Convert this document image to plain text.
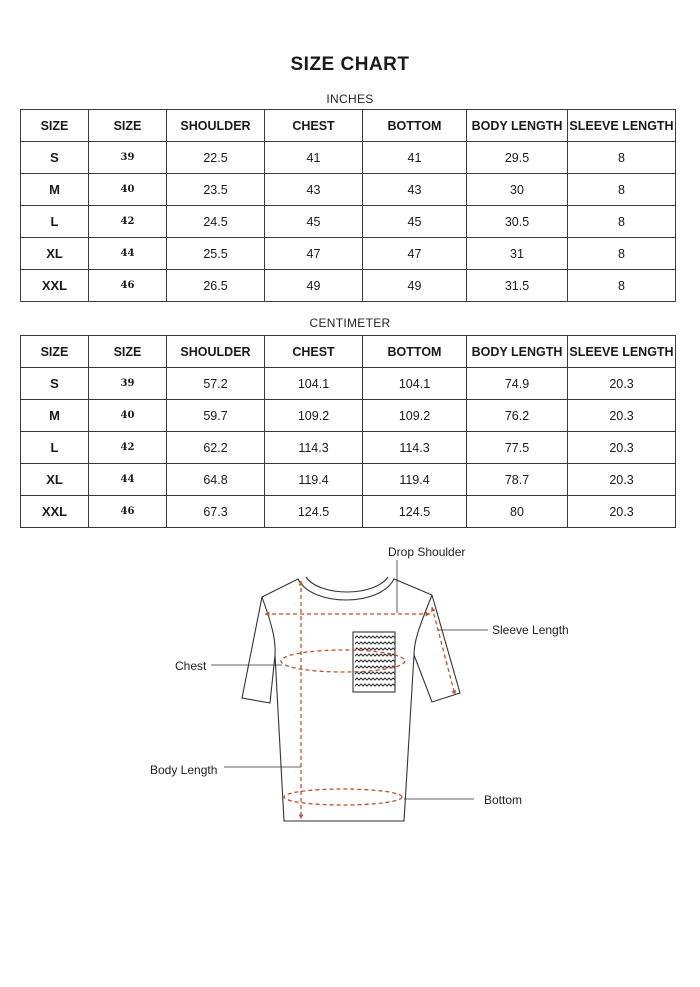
SIZE CHART
INCHES
SIZE	SIZE	SHOULDER	CHEST	BOTTOM	BODY LENGTH	SLEEVE LENGTH
S	39	22.5	41	41	29.5	8
M	40	23.5	43	43	30	8
L	42	24.5	45	45	30.5	8
XL	44	25.5	47	47	31	8
XXL	46	26.5	49	49	31.5	8
CENTIMETER
SIZE	SIZE	SHOULDER	CHEST	BOTTOM	BODY LENGTH	SLEEVE LENGTH
S	39	57.2	104.1	104.1	74.9	20.3
M	40	59.7	109.2	109.2	76.2	20.3
L	42	62.2	114.3	114.3	77.5	20.3
XL	44	64.8	119.4	119.4	78.7	20.3
XXL	46	67.3	124.5	124.5	80	20.3
Drop Shoulder
Sleeve Length
Chest
Body Length
Bottom
